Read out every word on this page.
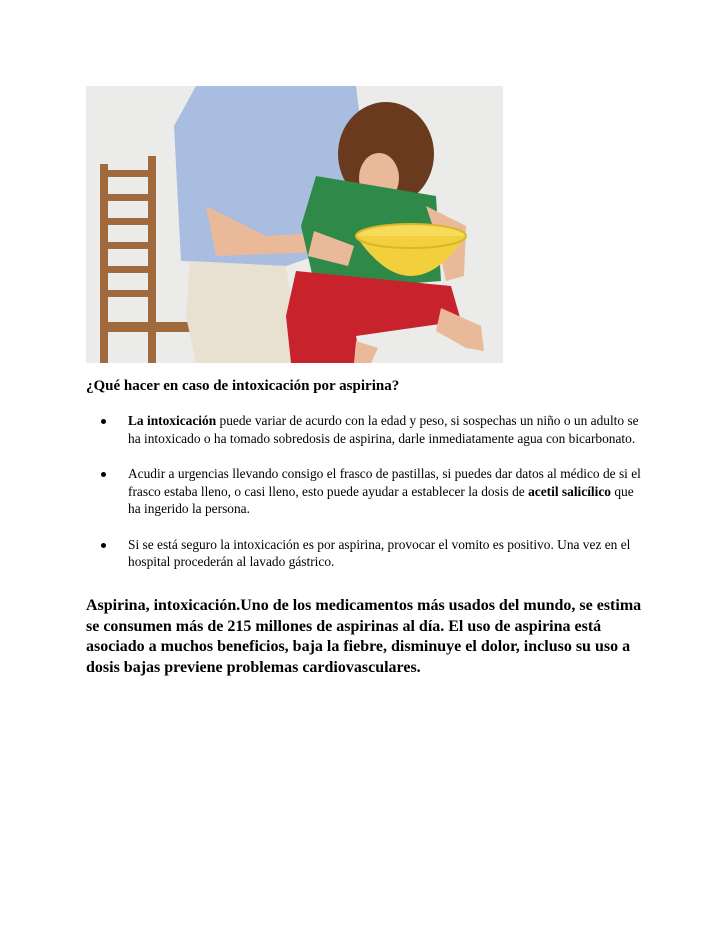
¿Qué hacer en caso de intoxicación por aspirina?

La intoxicación puede variar de acurdo con la edad y peso, si sospechas un niño o un adulto se ha intoxicado o ha tomado sobredosis de aspirina, darle inmediatamente agua con bicarbonato.
Acudir a urgencias llevando consigo el frasco de pastillas, si puedes dar datos al médico de si el frasco estaba lleno, o casi lleno, esto puede ayudar a establecer la dosis de acetil salicílico que ha ingerido la persona.
Si se está seguro la intoxicación es por aspirina, provocar el vomito es positivo. Una vez en el hospital procederán al lavado gástrico.

Aspirina, intoxicación.Uno de los medicamentos más usados del mundo, se estima se consumen más de 215 millones de aspirinas al día. El uso de aspirina está asociado a muchos beneficios, baja la fiebre, disminuye el dolor, incluso su uso a dosis bajas previene problemas cardiovasculares.
